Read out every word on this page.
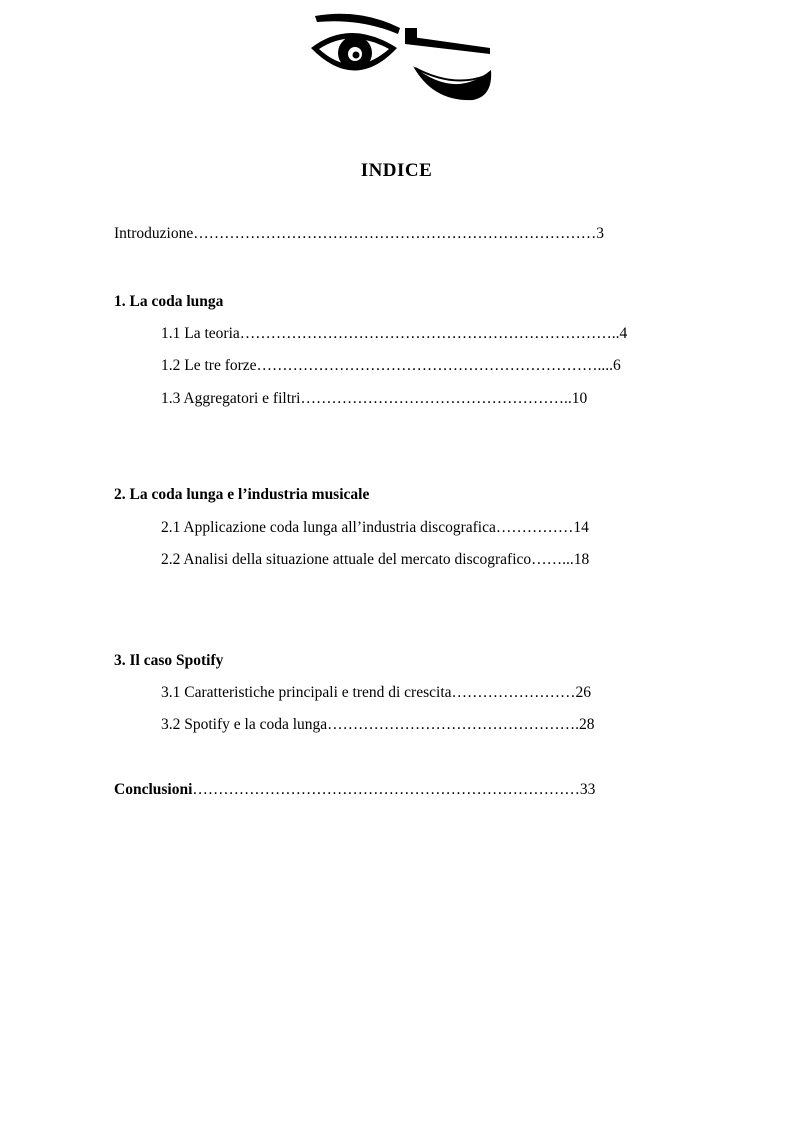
INDICE
Introduzione……………………………………………………………………3
1. La coda lunga
1.1 La teoria………………………………………………………………..4
1.2 Le tre forze…………………………………………………………....6
1.3 Aggregatori e filtri……………………………………………..10
2. La coda lunga e l’industria musicale
2.1 Applicazione coda lunga all’industria discografica……………14
2.2 Analisi della situazione attuale del mercato discografico……...18
3. Il caso Spotify
3.1 Caratteristiche principali e trend di crescita……………………26
3.2 Spotify e la coda lunga………………………………………….28
Conclusioni…………………………………………………………………33
